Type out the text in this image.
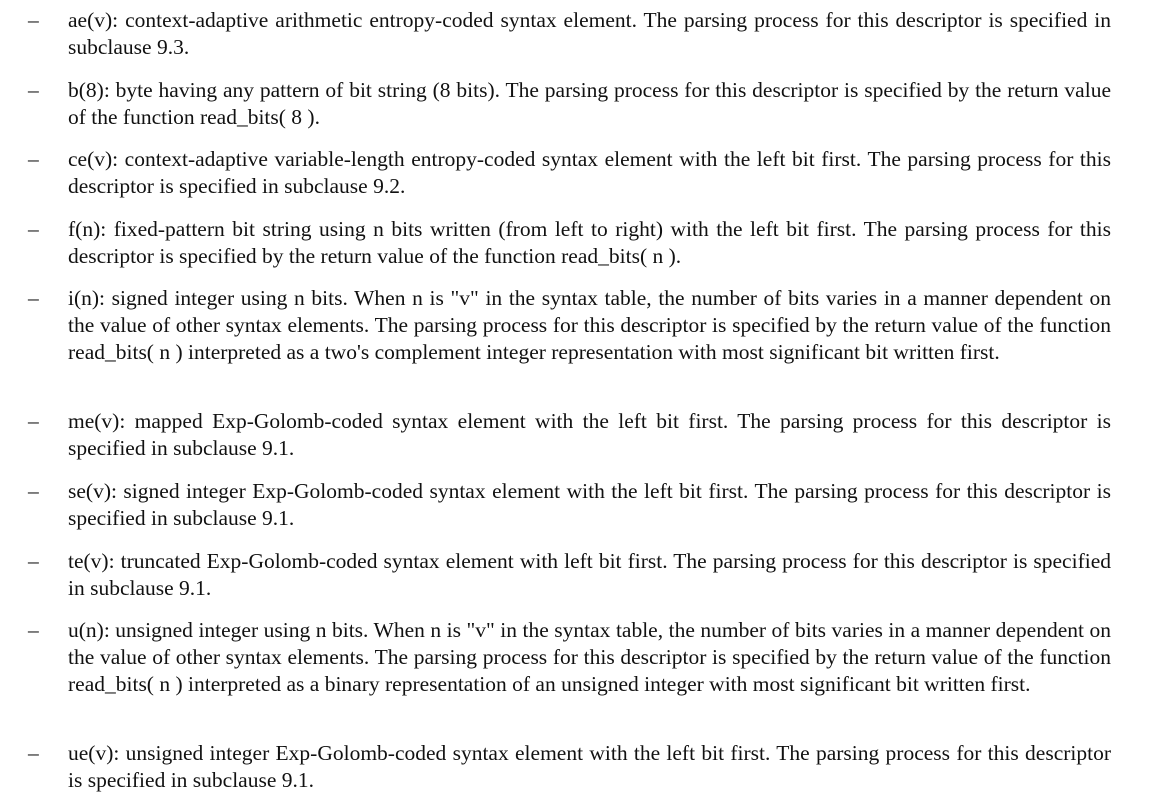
– ae(v): context-adaptive arithmetic entropy-coded syntax element. The parsing process for this descriptor is specified in subclause 9.3.
– b(8): byte having any pattern of bit string (8 bits). The parsing process for this descriptor is specified by the return value of the function read_bits( 8 ).
– ce(v): context-adaptive variable-length entropy-coded syntax element with the left bit first. The parsing process for this descriptor is specified in subclause 9.2.
– f(n): fixed-pattern bit string using n bits written (from left to right) with the left bit first. The parsing process for this descriptor is specified by the return value of the function read_bits( n ).
– i(n): signed integer using n bits. When n is "v" in the syntax table, the number of bits varies in a manner dependent on the value of other syntax elements. The parsing process for this descriptor is specified by the return value of the function read_bits( n ) interpreted as a two's complement integer representation with most significant bit written first.
– me(v): mapped Exp-Golomb-coded syntax element with the left bit first. The parsing process for this descriptor is specified in subclause 9.1.
– se(v): signed integer Exp-Golomb-coded syntax element with the left bit first. The parsing process for this descriptor is specified in subclause 9.1.
– te(v): truncated Exp-Golomb-coded syntax element with left bit first. The parsing process for this descriptor is specified in subclause 9.1.
– u(n): unsigned integer using n bits. When n is "v" in the syntax table, the number of bits varies in a manner dependent on the value of other syntax elements. The parsing process for this descriptor is specified by the return value of the function read_bits( n ) interpreted as a binary representation of an unsigned integer with most significant bit written first.
– ue(v): unsigned integer Exp-Golomb-coded syntax element with the left bit first. The parsing process for this descriptor is specified in subclause 9.1.
